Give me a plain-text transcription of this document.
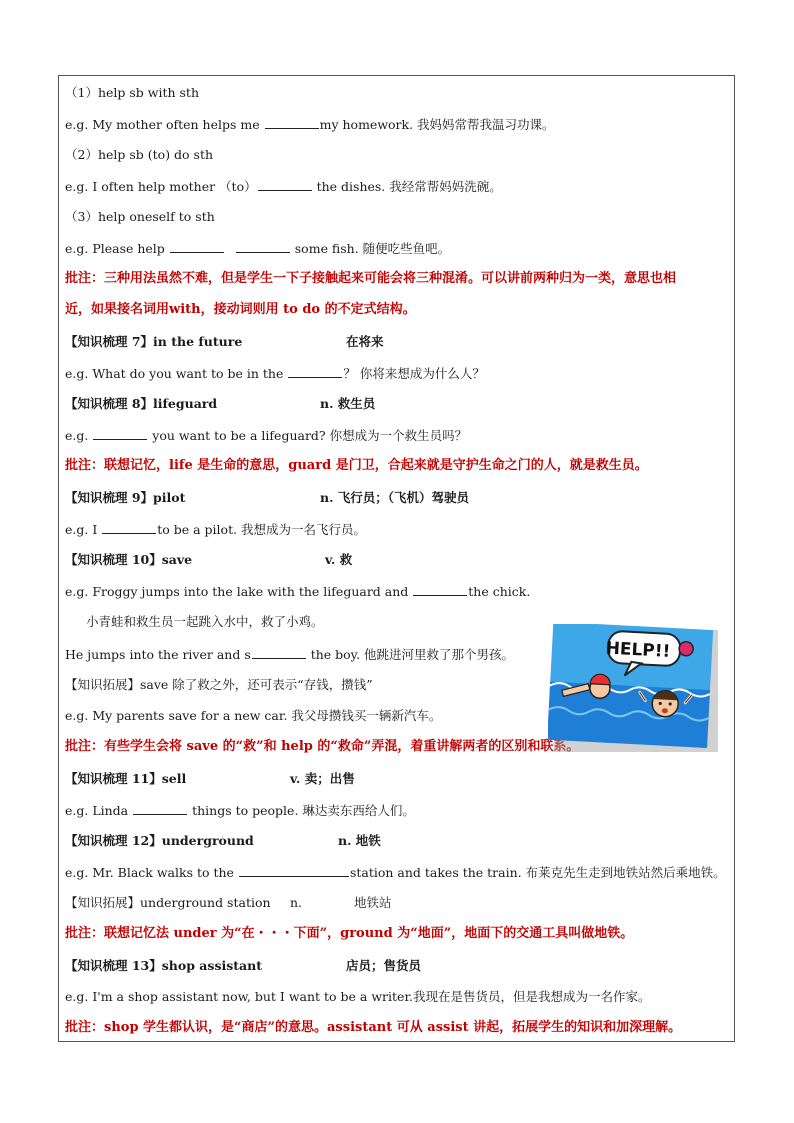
（1）help sb with sth
e.g. My mother often helps me	my homework. 我妈妈常帮我温习功课。
（2）help sb (to) do sth
e.g. I often help mother （to）	the dishes. 我经常帮妈妈洗碗。
（3）help oneself to sth
e.g. Please help	some fish. 随便吃些鱼吧。
批注：三种用法虽然不难，但是学生一下子接触起来可能会将三种混淆。可以讲前两种归为一类，意思也相
近，如果接名词用with，接动词则用 to do 的不定式结构。
【知识梳理 7】in the future	在将来
e.g. What do you want to be in the	？ 你将来想成为什么人？
【知识梳理 8】lifeguard	n. 救生员
e.g.	you want to be a lifeguard? 你想成为一个救生员吗？
批注：联想记忆，life 是生命的意思，guard 是门卫，合起来就是守护生命之门的人，就是救生员。
【知识梳理 9】pilot	n. 飞行员；（飞机）驾驶员
e.g. I	to be a pilot. 我想成为一名飞行员。
【知识梳理 10】save	v. 救
e.g. Froggy jumps into the lake with the lifeguard and	the chick.
小青蛙和救生员一起跳入水中，救了小鸡。
He jumps into the river and s	the boy. 他跳进河里救了那个男孩。
【知识拓展】save 除了救之外，还可表示“存钱，攒钱”
e.g. My parents save for a new car. 我父母攒钱买一辆新汽车。
批注：有些学生会将 save 的“救”和 help 的“救命”弄混，着重讲解两者的区别和联系。
【知识梳理 11】sell	v. 卖；出售
e.g. Linda	things to people. 琳达卖东西给人们。
【知识梳理 12】underground	n. 地铁
e.g. Mr. Black walks to the	station and takes the train. 布莱克先生走到地铁站然后乘地铁。
【知识拓展】underground station n.	地铁站
批注：联想记忆法 under 为“在・・・下面”，ground 为“地面”，地面下的交通工具叫做地铁。
【知识梳理 13】shop assistant	店员；售货员
e.g. I'm a shop assistant now, but I want to be a writer.我现在是售货员，但是我想成为一名作家。
批注：shop 学生都认识，是“商店”的意思。assistant 可从 assist 讲起，拓展学生的知识和加深理解。
HELP!!
